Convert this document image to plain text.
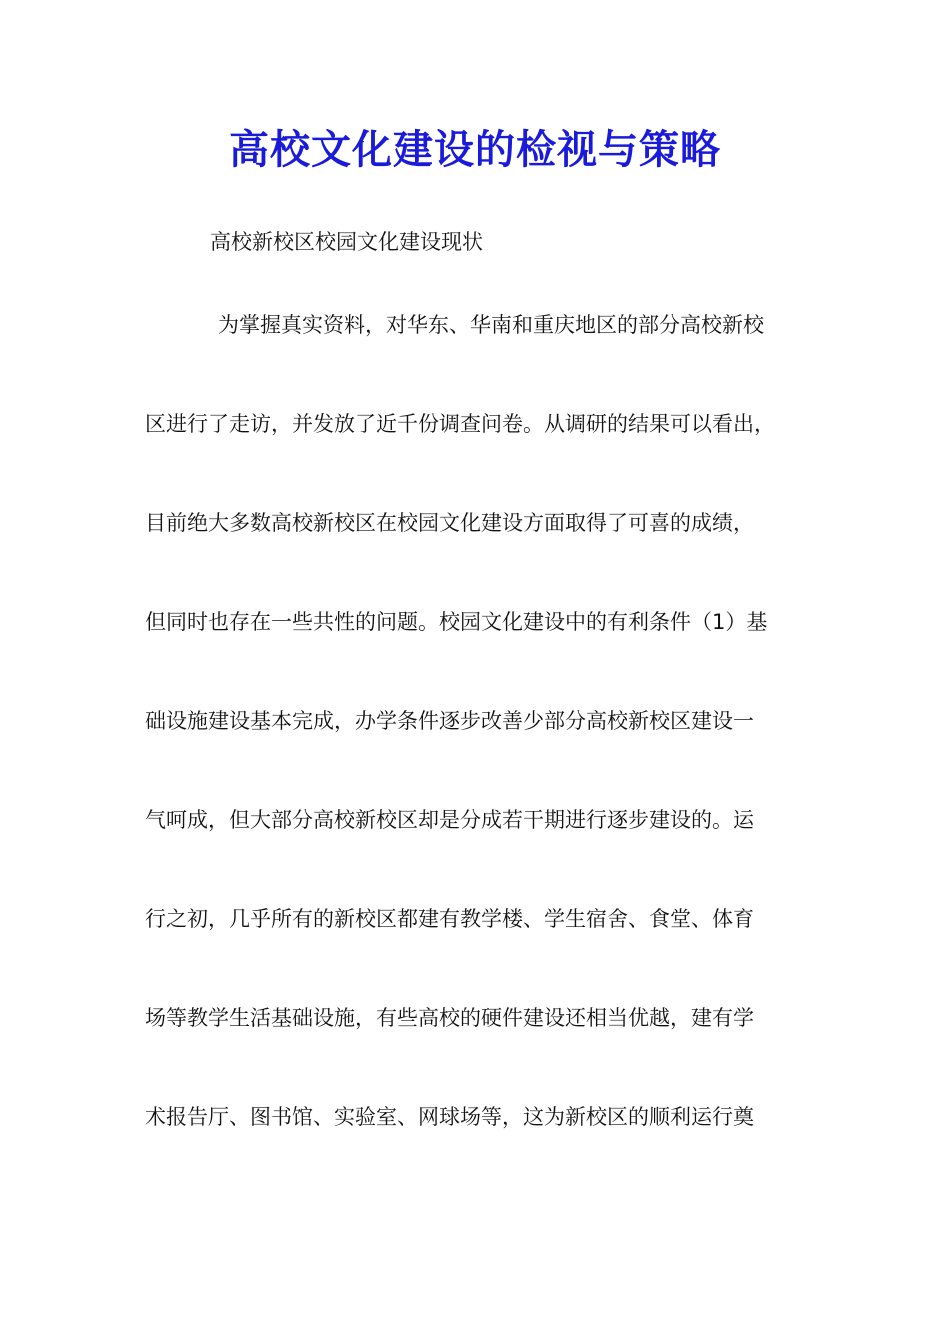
高校文化建设的检视与策略
高校新校区校园文化建设现状
为掌握真实资料，对华东、华南和重庆地区的部分高校新校
区进行了走访，并发放了近千份调查问卷。从调研的结果可以看出，
目前绝大多数高校新校区在校园文化建设方面取得了可喜的成绩，
但同时也存在一些共性的问题。校园文化建设中的有利条件（1）基
础设施建设基本完成，办学条件逐步改善少部分高校新校区建设一
气呵成，但大部分高校新校区却是分成若干期进行逐步建设的。运
行之初，几乎所有的新校区都建有教学楼、学生宿舍、食堂、体育
场等教学生活基础设施，有些高校的硬件建设还相当优越，建有学
术报告厅、图书馆、实验室、网球场等，这为新校区的顺利运行奠
